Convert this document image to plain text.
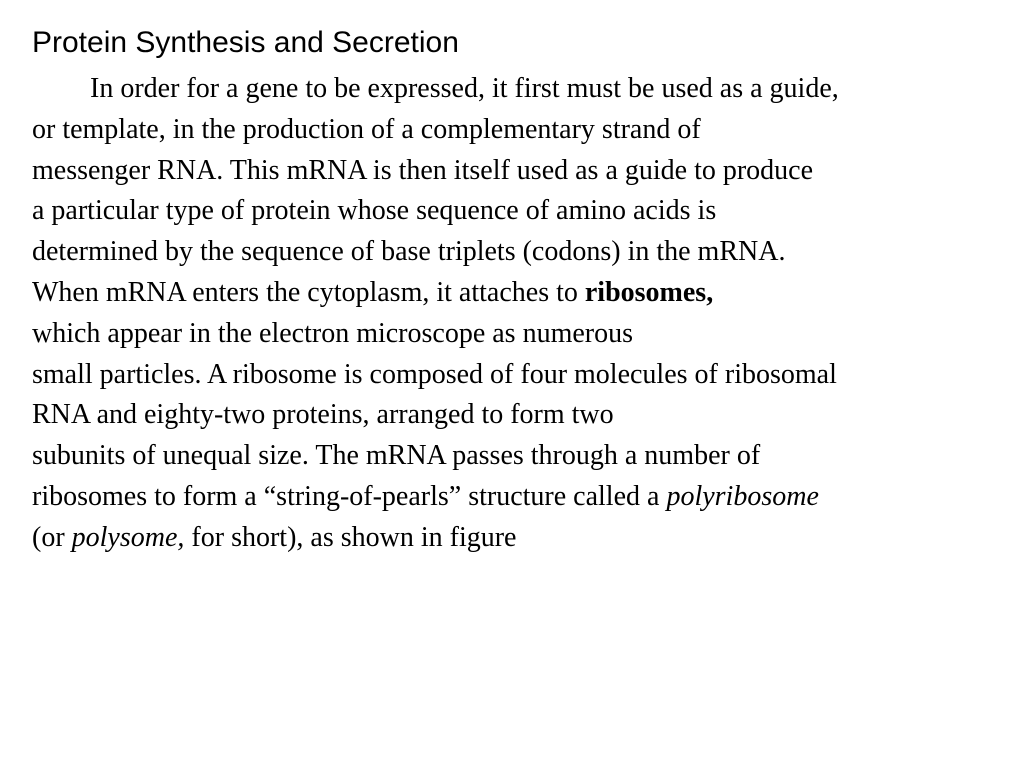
Protein Synthesis and Secretion
In order for a gene to be expressed, it first must be used as a guide,
or template, in the production of a complementary strand of
messenger RNA. This mRNA is then itself used as a guide to produce
a particular type of protein whose sequence of amino acids is
determined by the sequence of base triplets (codons) in the mRNA.
When mRNA enters the cytoplasm, it attaches to ribosomes,
which appear in the electron microscope as numerous
small particles. A ribosome is composed of four molecules of ribosomal
RNA and eighty-two proteins, arranged to form two
subunits of unequal size. The mRNA passes through a number of
ribosomes to form a “string-of-pearls” structure called a polyribosome
(or polysome, for short), as shown in figure
